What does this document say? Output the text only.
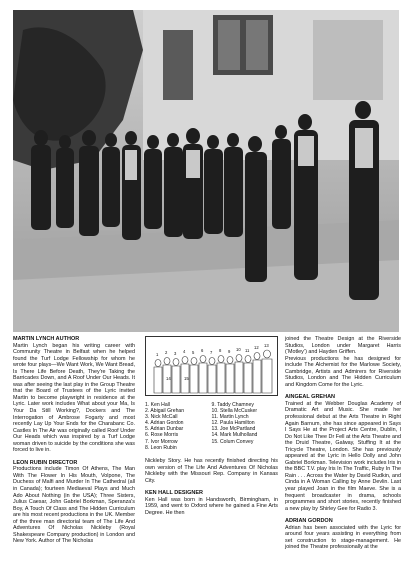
MARTIN LYNCH AUTHOR

Martin Lynch began his writing career with Community Theatre in Belfast when he helped found the Turf Lodge Fellowship for whom he wrote four plays—We Want Work, We Want Bread, Is There Life Before Death, They're Taking the Barricades Down, and A Roof Under Our Heads. It was after seeing the last play in the Group Theatre that the Board of Trustees of the Lyric invited Martin to become playwright in residence at the Lyric. Later work includes What about your Ma, Is Your Da Still Working?, Dockers and The Interrogation of Ambrose Fogarty and most recently Lay Up Your Ends for the Charabanc Co. Castles In The Air was originally called Roof Under Our Heads which was inspired by a Turf Lodge woman driven to suicide by the conditions she was forced to live in.

LEON RUBIN DIRECTOR

Productions include Timon Of Athens, The Man With The Flower In His Mouth, Volpone, The Duchess of Malfi and Murder In The Cathedral (all in Canada); fourteen Mediaeval Plays and Much Ado About Nothing (in the USA); Three Sisters, Julius Caesar, John Gabriel Borkman, Speranza's Boy, A Touch Of Class and The Hidden Curriculum are his most recent productions in the UK. Member of the three man directorial team of The Life And Adventures Of Nicholas Nickleby (Royal Shakespeare Company production) in London and New York. Author of The Nicholas

1 2 3 4 5 6 7 8 9 10 11
12 13
14	15
1. Ken Hall
2. Abigail Grehan
3. Nick McCall
4. Adrian Gordon
5. Adrian Dunbar
6. Rose Morris
7. Ivor Morrow
8. Leon Rubin
9. Taddy Chamney
10. Stella McCusker
11. Martin Lynch
12. Paula Hamilton
13. Joe McPartland
14. Mark Mulholland
15. Colum Convey

Nickleby Story. He has recently finished directing his own version of The Life And Adventures Of Nicholas Nickleby with the Missouri Rep. Company in Kansas City.

KEN HALL DESIGNER

Ken Hall was born in Handsworth, Birmingham, in 1959, and went to Oxford where he gained a Fine Arts Degree. He then

joined the Theatre Design at the Riverside Studios, London under Margaret Harris (‘Motley’) and Hayden Griffen.

Previous productions he has designed for include The Alchemist for the Marlowe Society, Cambridge, Artists and Admirers for Riverside Studios, London and The Hidden Curriculum and Kingdom Come for the Lyric.

AINGEAL GREHAN

Trained at the Webber Douglas Academy of Dramatic Art and Music. She made her professional debut at the Arts Theatre in Right Again Barnum, she has since appeared in Says I Says He at the Project Arts Centre, Dublin, I Do Not Like Thee Dr Fell at the Arts Theatre and the Druid Theatre, Galway, Stuffing It at the Tricycle Theatre, London. She has previously appeared at the Lyric in Hello Dolly and John Gabriel Borkman. Television work includes Iris in the BBC T.V. play Iris In The Traffic, Ruby In The Rain . . . Across the Water by David Rudkin, and Cinda in A Woman Calling by Anne Devlin. Last year played Joan in the film Maeve. She is a frequent broadcaster in drama, schools programmes and short stories, recently finished a new play by Shirley Gee for Radio 3.

ADRIAN GORDON

Adrian has been associated with the Lyric for around four years assisting in everything from set construction to stage-management. He joined the Theatre professionally at the
